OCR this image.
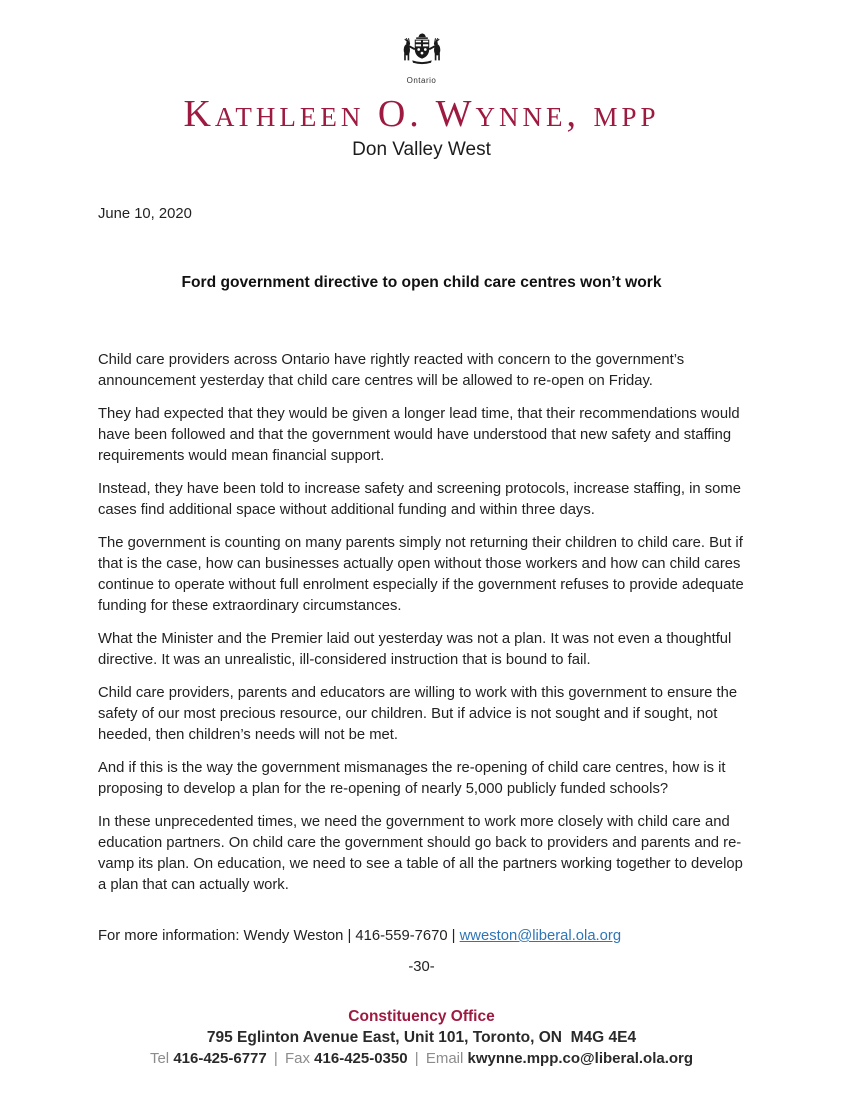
Ontario
Kathleen O. Wynne, mpp
Don Valley West

June 10, 2020

Ford government directive to open child care centres won’t work

Child care providers across Ontario have rightly reacted with concern to the government’s announcement yesterday that child care centres will be allowed to re-open on Friday.

They had expected that they would be given a longer lead time, that their recommendations would have been followed and that the government would have understood that new safety and staffing requirements would mean financial support.

Instead, they have been told to increase safety and screening protocols, increase staffing, in some cases find additional space without additional funding and within three days.

The government is counting on many parents simply not returning their children to child care. But if that is the case, how can businesses actually open without those workers and how can child cares continue to operate without full enrolment especially if the government refuses to provide adequate funding for these extraordinary circumstances.

What the Minister and the Premier laid out yesterday was not a plan. It was not even a thoughtful directive. It was an unrealistic, ill-considered instruction that is bound to fail.

Child care providers, parents and educators are willing to work with this government to ensure the safety of our most precious resource, our children. But if advice is not sought and if sought, not heeded, then children’s needs will not be met.

And if this is the way the government mismanages the re-opening of child care centres, how is it proposing to develop a plan for the re-opening of nearly 5,000 publicly funded schools?

In these unprecedented times, we need the government to work more closely with child care and education partners. On child care the government should go back to providers and parents and re-vamp its plan. On education, we need to see a table of all the partners working together to develop a plan that can actually work.

For more information: Wendy Weston | 416-559-7670 | wweston@liberal.ola.org

-30-

Constituency Office
795 Eglinton Avenue East, Unit 101, Toronto, ON  M4G 4E4
Tel 416-425-6777 | Fax 416-425-0350 | Email kwynne.mpp.co@liberal.ola.org
